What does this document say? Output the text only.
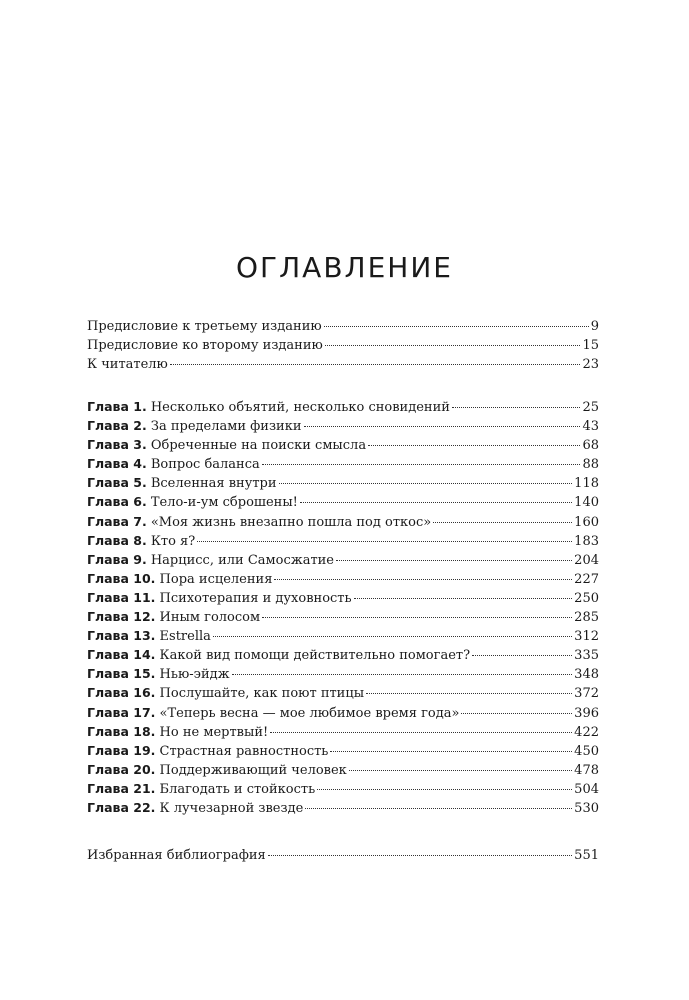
ОГЛАВЛЕНИЕ
Предисловие к третьему изданию	9
Предисловие ко второму изданию	15
К читателю	23
Глава 1. Несколько объятий, несколько сновидений	25
Глава 2. За пределами физики	43
Глава 3. Обреченные на поиски смысла	68
Глава 4. Вопрос баланса	88
Глава 5. Вселенная внутри	118
Глава 6. Тело-и-ум сброшены!	140
Глава 7. «Моя жизнь внезапно пошла под откос»	160
Глава 8. Кто я?	183
Глава 9. Нарцисс, или Самосжатие	204
Глава 10. Пора исцеления	227
Глава 11. Психотерапия и духовность	250
Глава 12. Иным голосом	285
Глава 13. Estrella	312
Глава 14. Какой вид помощи действительно помогает?	335
Глава 15. Нью-эйдж	348
Глава 16. Послушайте, как поют птицы	372
Глава 17. «Теперь весна — мое любимое время года»	396
Глава 18. Но не мертвый!	422
Глава 19. Страстная равностность	450
Глава 20. Поддерживающий человек	478
Глава 21. Благодать и стойкость	504
Глава 22. К лучезарной звезде	530
Избранная библиография	551
